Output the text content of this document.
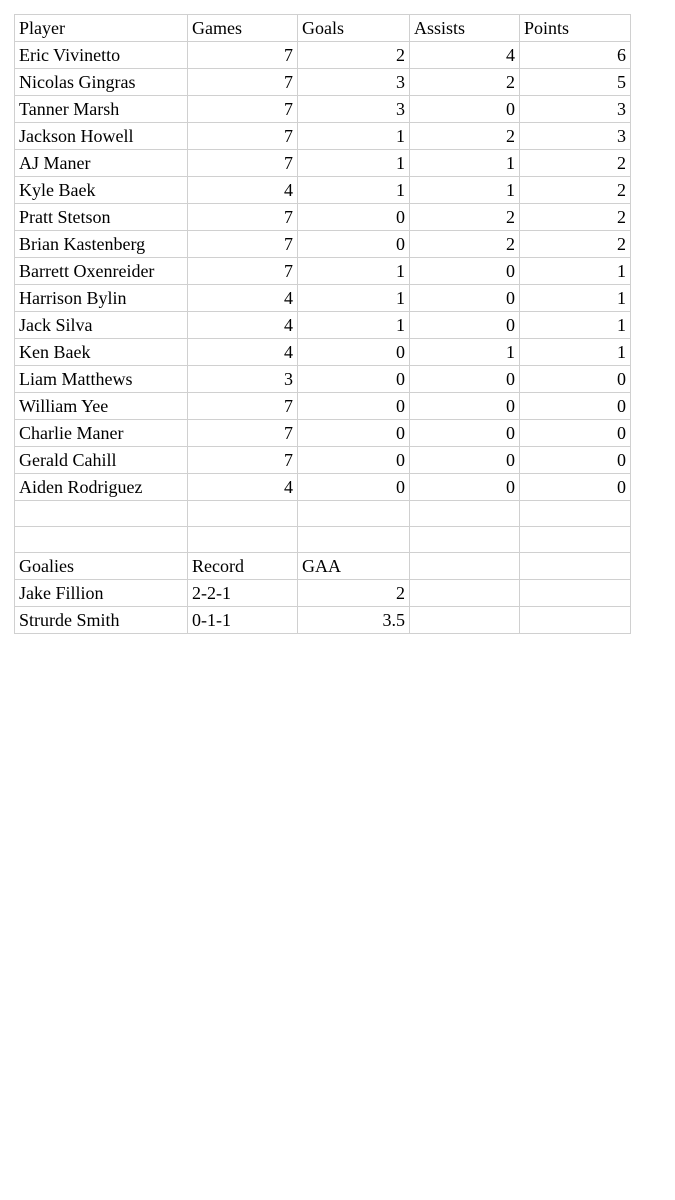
Player	Games	Goals	Assists	Points
Eric Vivinetto	7	2	4	6
Nicolas Gingras	7	3	2	5
Tanner Marsh	7	3	0	3
Jackson Howell	7	1	2	3
AJ Maner	7	1	1	2
Kyle Baek	4	1	1	2
Pratt Stetson	7	0	2	2
Brian Kastenberg	7	0	2	2
Barrett Oxenreider	7	1	0	1
Harrison Bylin	4	1	0	1
Jack Silva	4	1	0	1
Ken Baek	4	0	1	1
Liam Matthews	3	0	0	0
William Yee	7	0	0	0
Charlie Maner	7	0	0	0
Gerald Cahill	7	0	0	0
Aiden Rodriguez	4	0	0	0

Goalies	Record	GAA		
Jake Fillion	2-2-1	2		
Strurde Smith	0-1-1	3.5		
